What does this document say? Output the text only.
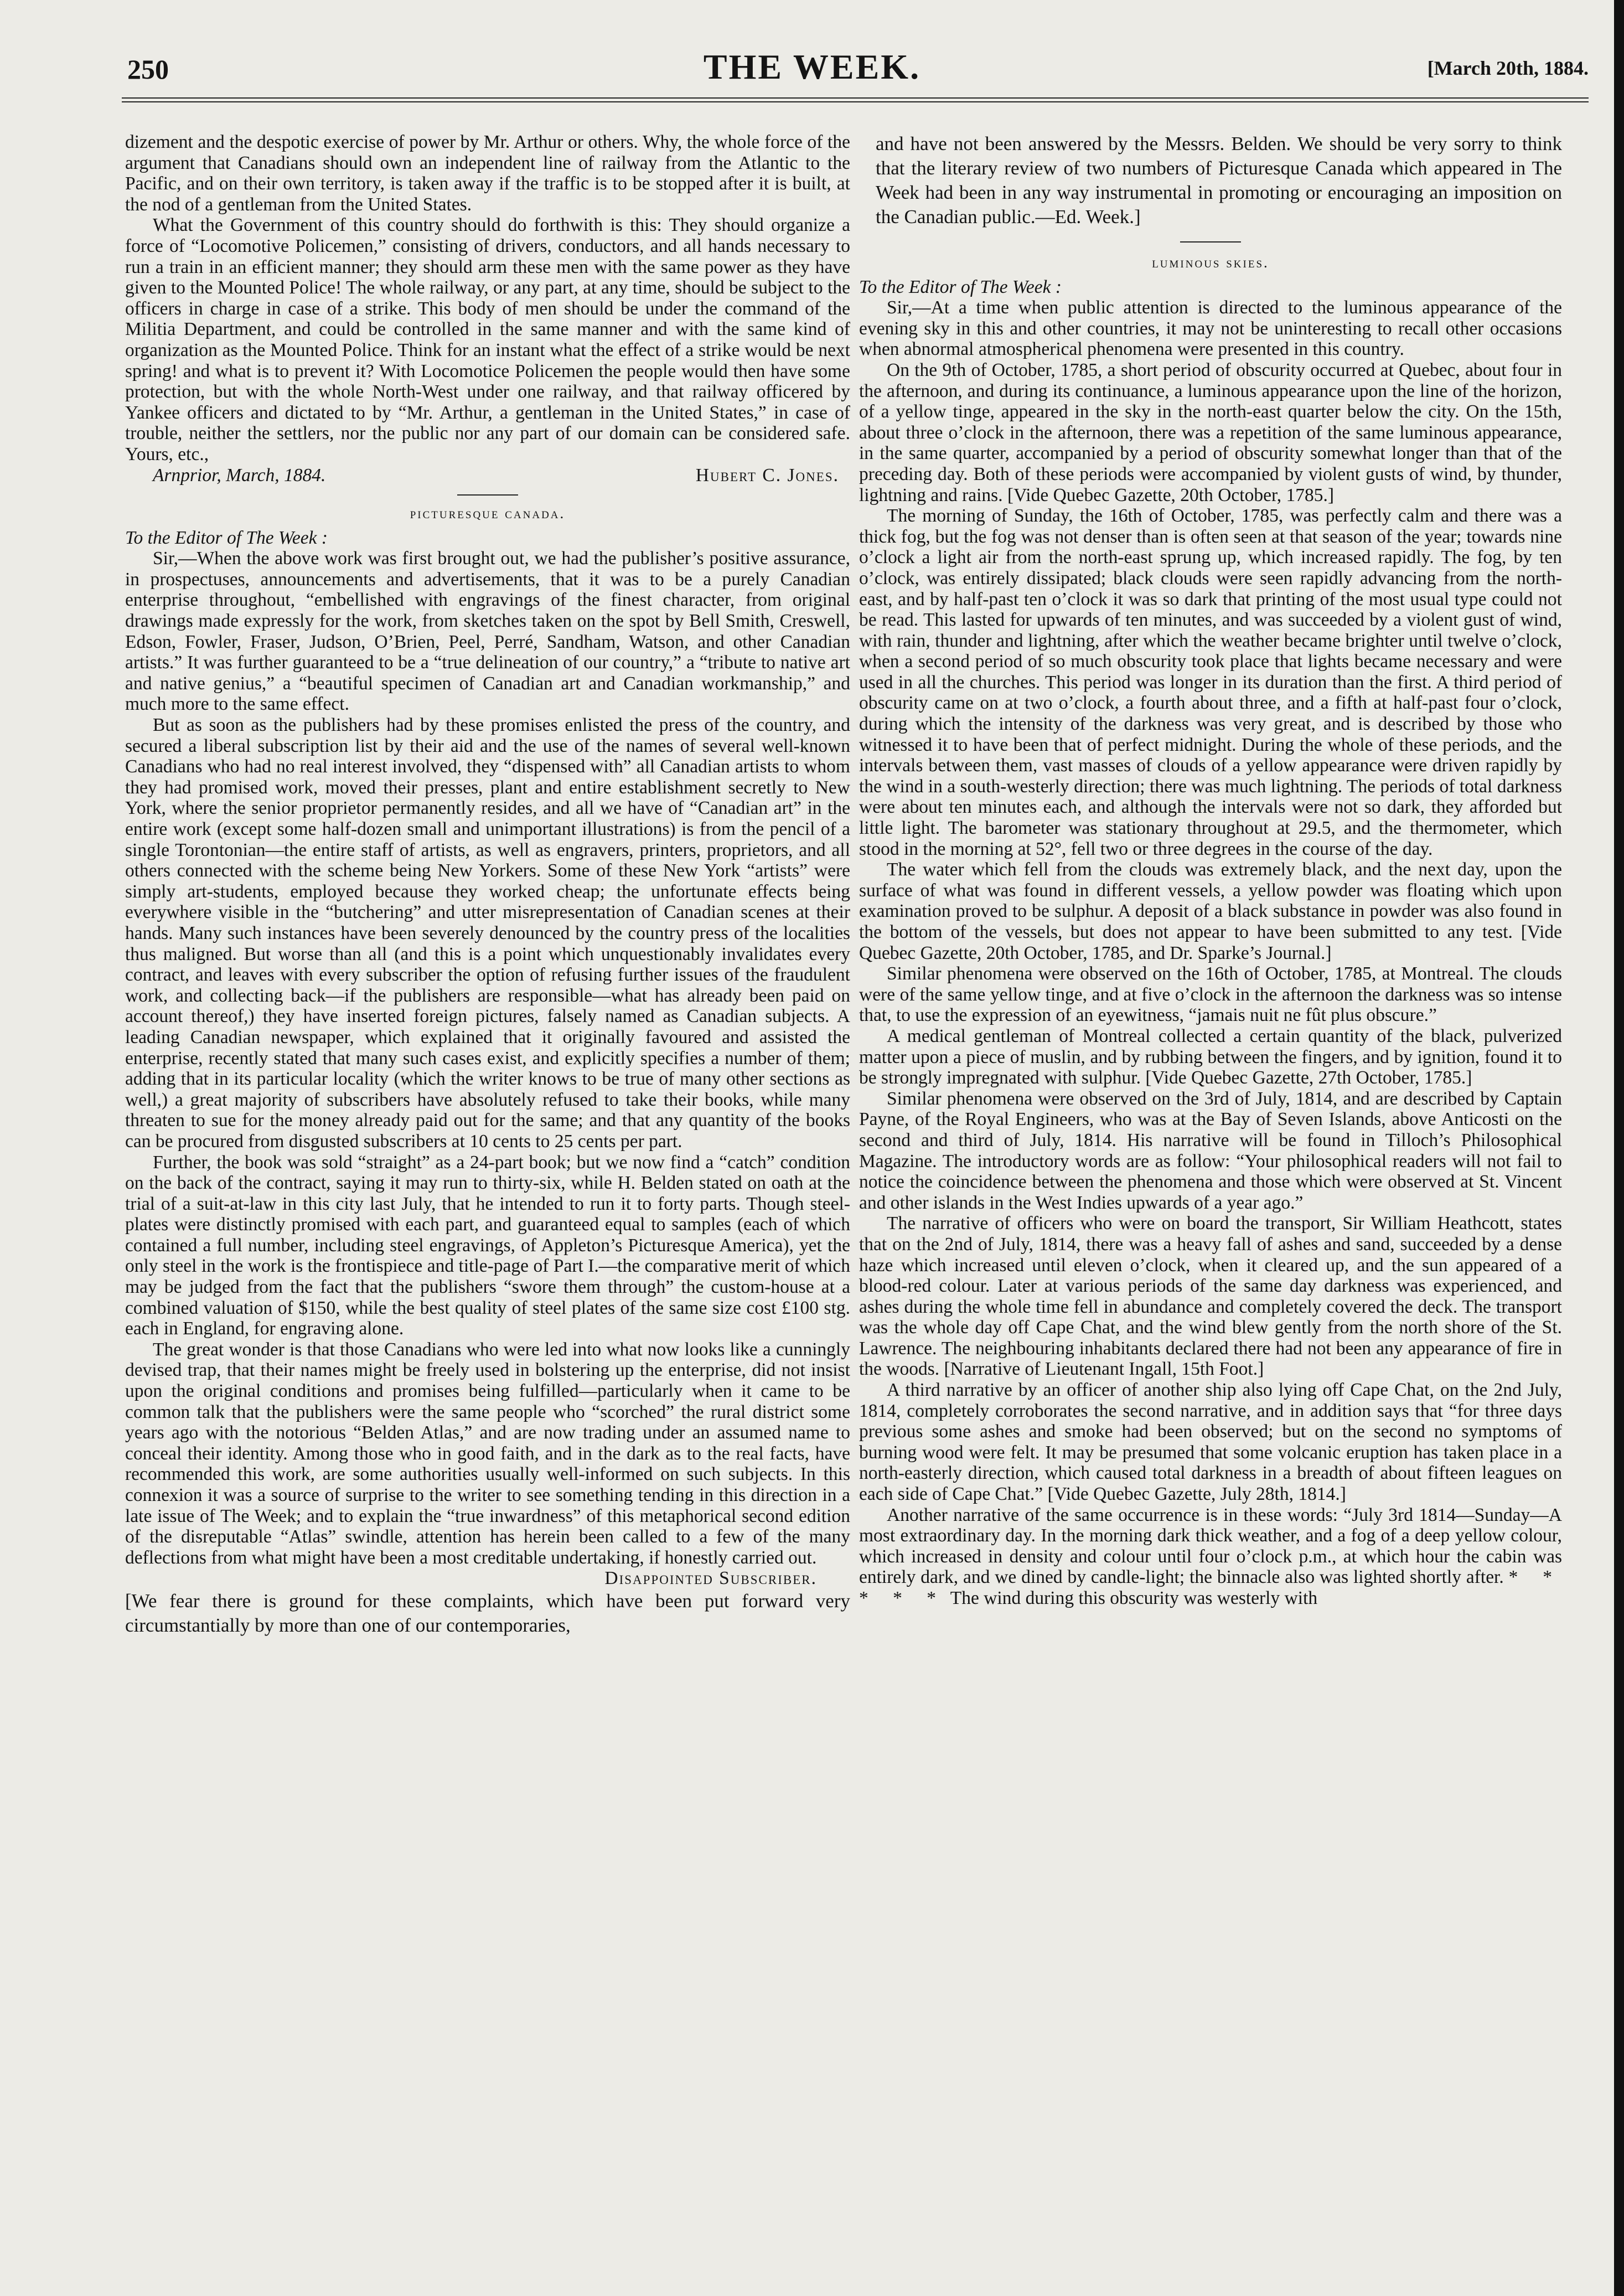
250	THE WEEK.	[March 20th, 1884.

dizement and the despotic exercise of power by Mr. Arthur or others. Why, the whole force of the argument that Canadians should own an independent line of railway from the Atlantic to the Pacific, and on their own territory, is taken away if the traffic is to be stopped after it is built, at the nod of a gentleman from the United States.

What the Government of this country should do forthwith is this: They should organize a force of “Locomotive Policemen,” consisting of drivers, conductors, and all hands necessary to run a train in an efficient manner; they should arm these men with the same power as they have given to the Mounted Police! The whole railway, or any part, at any time, should be subject to the officers in charge in case of a strike. This body of men should be under the command of the Militia Department, and could be controlled in the same manner and with the same kind of organization as the Mounted Police. Think for an instant what the effect of a strike would be next spring! and what is to prevent it? With Locomotice Policemen the people would then have some protection, but with the whole North-West under one railway, and that railway officered by Yankee officers and dictated to by “Mr. Arthur, a gentleman in the United States,” in case of trouble, neither the settlers, nor the public nor any part of our domain can be considered safe. Yours, etc.,

Arnprior, March, 1884.	Hubert C. Jones.
picturesque canada.

To the Editor of The Week :

Sir,—When the above work was first brought out, we had the publisher’s positive assurance, in prospectuses, announcements and advertisements, that it was to be a purely Canadian enterprise throughout, “embellished with engravings of the finest character, from original drawings made expressly for the work, from sketches taken on the spot by Bell Smith, Creswell, Edson, Fowler, Fraser, Judson, O’Brien, Peel, Perré, Sandham, Watson, and other Canadian artists.” It was further guaranteed to be a “true delineation of our country,” a “tribute to native art and native genius,” a “beautiful specimen of Canadian art and Canadian workmanship,” and much more to the same effect.

But as soon as the publishers had by these promises enlisted the press of the country, and secured a liberal subscription list by their aid and the use of the names of several well-known Canadians who had no real interest involved, they “dispensed with” all Canadian artists to whom they had promised work, moved their presses, plant and entire establishment secretly to New York, where the senior proprietor permanently resides, and all we have of “Canadian art” in the entire work (except some half-dozen small and unimportant illustrations) is from the pencil of a single Torontonian—the entire staff of artists, as well as engravers, printers, proprietors, and all others connected with the scheme being New Yorkers. Some of these New York “artists” were simply art-students, employed because they worked cheap; the unfortunate effects being everywhere visible in the “butchering” and utter misrepresentation of Canadian scenes at their hands. Many such instances have been severely denounced by the country press of the localities thus maligned. But worse than all (and this is a point which unquestionably invalidates every contract, and leaves with every subscriber the option of refusing further issues of the fraudulent work, and collecting back—if the publishers are responsible—what has already been paid on account thereof,) they have inserted foreign pictures, falsely named as Canadian subjects. A leading Canadian newspaper, which explained that it originally favoured and assisted the enterprise, recently stated that many such cases exist, and explicitly specifies a number of them; adding that in its particular locality (which the writer knows to be true of many other sections as well,) a great majority of subscribers have absolutely refused to take their books, while many threaten to sue for the money already paid out for the same; and that any quantity of the books can be procured from disgusted subscribers at 10 cents to 25 cents per part.

Further, the book was sold “straight” as a 24-part book; but we now find a “catch” condition on the back of the contract, saying it may run to thirty-six, while H. Belden stated on oath at the trial of a suit-at-law in this city last July, that he intended to run it to forty parts. Though steel-plates were distinctly promised with each part, and guaranteed equal to samples (each of which contained a full number, including steel engravings, of Appleton’s Picturesque America), yet the only steel in the work is the frontispiece and title-page of Part I.—the comparative merit of which may be judged from the fact that the publishers “swore them through” the custom-house at a combined valuation of $150, while the best quality of steel plates of the same size cost £100 stg. each in England, for engraving alone.

The great wonder is that those Canadians who were led into what now looks like a cunningly devised trap, that their names might be freely used in bolstering up the enterprise, did not insist upon the original conditions and promises being fulfilled—particularly when it came to be common talk that the publishers were the same people who “scorched” the rural district some years ago with the notorious “Belden Atlas,” and are now trading under an assumed name to conceal their identity. Among those who in good faith, and in the dark as to the real facts, have recommended this work, are some authorities usually well-informed on such subjects. In this connexion it was a source of surprise to the writer to see something tending in this direction in a late issue of The Week; and to explain the “true inwardness” of this metaphorical second edition of the disreputable “Atlas” swindle, attention has herein been called to a few of the many deflections from what might have been a most creditable undertaking, if honestly carried out.

Disappointed Subscriber.

[We fear there is ground for these complaints, which have been put forward very circumstantially by more than one of our contemporaries,

and have not been answered by the Messrs. Belden. We should be very sorry to think that the literary review of two numbers of Picturesque Canada which appeared in The Week had been in any way instrumental in promoting or encouraging an imposition on the Canadian public.—Ed. Week.]

luminous skies.

To the Editor of The Week :

Sir,—At a time when public attention is directed to the luminous appearance of the evening sky in this and other countries, it may not be uninteresting to recall other occasions when abnormal atmospherical phenomena were presented in this country.

On the 9th of October, 1785, a short period of obscurity occurred at Quebec, about four in the afternoon, and during its continuance, a luminous appearance upon the line of the horizon, of a yellow tinge, appeared in the sky in the north-east quarter below the city. On the 15th, about three o’clock in the afternoon, there was a repetition of the same luminous appearance, in the same quarter, accompanied by a period of obscurity somewhat longer than that of the preceding day. Both of these periods were accompanied by violent gusts of wind, by thunder, lightning and rains. [Vide Quebec Gazette, 20th October, 1785.]

The morning of Sunday, the 16th of October, 1785, was perfectly calm and there was a thick fog, but the fog was not denser than is often seen at that season of the year; towards nine o’clock a light air from the north-east sprung up, which increased rapidly. The fog, by ten o’clock, was entirely dissipated; black clouds were seen rapidly advancing from the north-east, and by half-past ten o’clock it was so dark that printing of the most usual type could not be read. This lasted for upwards of ten minutes, and was succeeded by a violent gust of wind, with rain, thunder and lightning, after which the weather became brighter until twelve o’clock, when a second period of so much obscurity took place that lights became necessary and were used in all the churches. This period was longer in its duration than the first. A third period of obscurity came on at two o’clock, a fourth about three, and a fifth at half-past four o’clock, during which the intensity of the darkness was very great, and is described by those who witnessed it to have been that of perfect midnight. During the whole of these periods, and the intervals between them, vast masses of clouds of a yellow appearance were driven rapidly by the wind in a south-westerly direction; there was much lightning. The periods of total darkness were about ten minutes each, and although the intervals were not so dark, they afforded but little light. The barometer was stationary throughout at 29.5, and the thermometer, which stood in the morning at 52°, fell two or three degrees in the course of the day.

The water which fell from the clouds was extremely black, and the next day, upon the surface of what was found in different vessels, a yellow powder was floating which upon examination proved to be sulphur. A deposit of a black substance in powder was also found in the bottom of the vessels, but does not appear to have been submitted to any test. [Vide Quebec Gazette, 20th October, 1785, and Dr. Sparke’s Journal.]

Similar phenomena were observed on the 16th of October, 1785, at Montreal. The clouds were of the same yellow tinge, and at five o’clock in the afternoon the darkness was so intense that, to use the expression of an eyewitness, “jamais nuit ne fût plus obscure.”

A medical gentleman of Montreal collected a certain quantity of the black, pulverized matter upon a piece of muslin, and by rubbing between the fingers, and by ignition, found it to be strongly impregnated with sulphur. [Vide Quebec Gazette, 27th October, 1785.]

Similar phenomena were observed on the 3rd of July, 1814, and are described by Captain Payne, of the Royal Engineers, who was at the Bay of Seven Islands, above Anticosti on the second and third of July, 1814. His narrative will be found in Tilloch’s Philosophical Magazine. The introductory words are as follow: “Your philosophical readers will not fail to notice the coincidence between the phenomena and those which were observed at St. Vincent and other islands in the West Indies upwards of a year ago.”

The narrative of officers who were on board the transport, Sir William Heathcott, states that on the 2nd of July, 1814, there was a heavy fall of ashes and sand, succeeded by a dense haze which increased until eleven o’clock, when it cleared up, and the sun appeared of a blood-red colour. Later at various periods of the same day darkness was experienced, and ashes during the whole time fell in abundance and completely covered the deck. The transport was the whole day off Cape Chat, and the wind blew gently from the north shore of the St. Lawrence. The neighbouring inhabitants declared there had not been any appearance of fire in the woods. [Narrative of Lieutenant Ingall, 15th Foot.]

A third narrative by an officer of another ship also lying off Cape Chat, on the 2nd July, 1814, completely corroborates the second narrative, and in addition says that “for three days previous some ashes and smoke had been observed; but on the second no symptoms of burning wood were felt. It may be presumed that some volcanic eruption has taken place in a north-easterly direction, which caused total darkness in a breadth of about fifteen leagues on each side of Cape Chat.” [Vide Quebec Gazette, July 28th, 1814.]

Another narrative of the same occurrence is in these words: “July 3rd 1814—Sunday—A most extraordinary day. In the morning dark thick weather, and a fog of a deep yellow colour, which increased in density and colour until four o’clock p.m., at which hour the cabin was entirely dark, and we dined by candle-light; the binnacle also was lighted shortly after. * * * * * The wind during this obscurity was westerly with
